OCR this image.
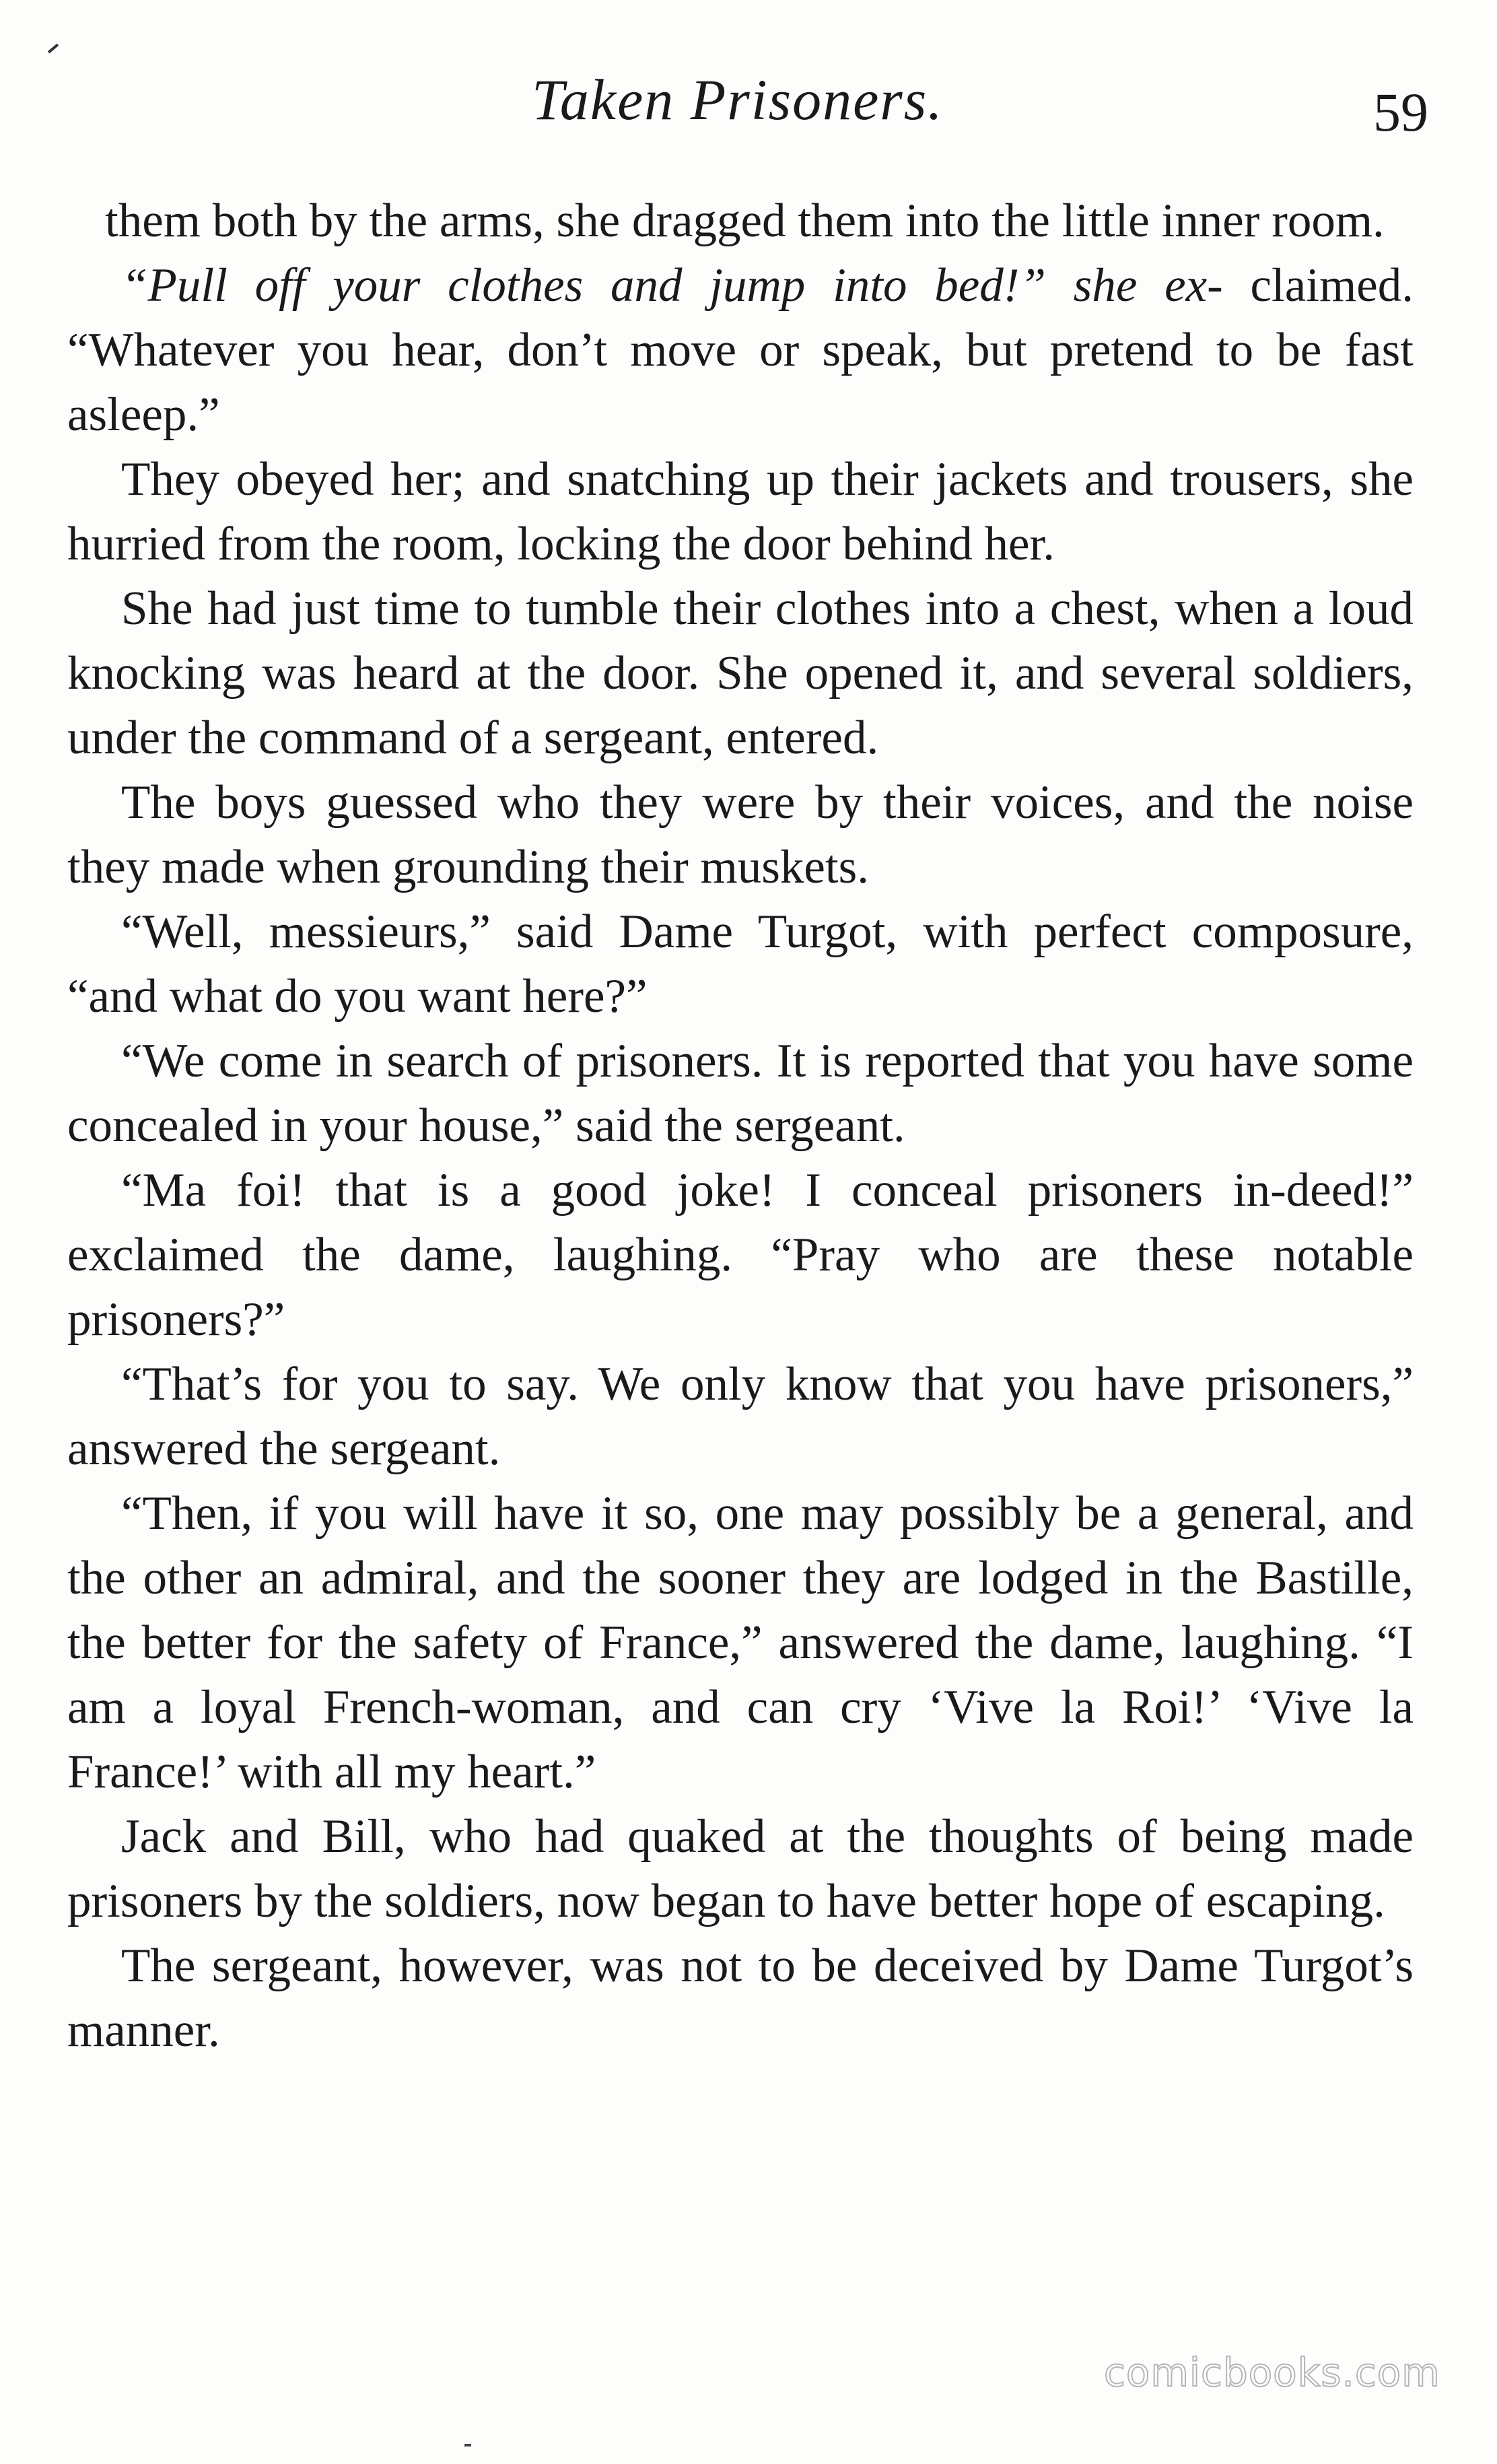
Taken Prisoners.	59

them both by the arms, she dragged them into the little inner room.

“Pull off your clothes and jump into bed!” she ex- claimed. “Whatever you hear, don’t move or speak, but pretend to be fast asleep.”

They obeyed her; and snatching up their jackets and trousers, she hurried from the room, locking the door behind her.

She had just time to tumble their clothes into a chest, when a loud knocking was heard at the door. She opened it, and several soldiers, under the command of a sergeant, entered.

The boys guessed who they were by their voices, and the noise they made when grounding their muskets.

“Well, messieurs,” said Dame Turgot, with perfect composure, “and what do you want here?”

“We come in search of prisoners. It is reported that you have some concealed in your house,” said the sergeant.

“Ma foi! that is a good joke! I conceal prisoners in-deed!” exclaimed the dame, laughing. “Pray who are these notable prisoners?”

“That’s for you to say. We only know that you have prisoners,” answered the sergeant.

“Then, if you will have it so, one may possibly be a general, and the other an admiral, and the sooner they are lodged in the Bastille, the better for the safety of France,” answered the dame, laughing. “I am a loyal French-woman, and can cry ‘Vive la Roi!’ ‘Vive la France!’ with all my heart.”

Jack and Bill, who had quaked at the thoughts of being made prisoners by the soldiers, now began to have better hope of escaping.

The sergeant, however, was not to be deceived by Dame Turgot’s manner.

comicbooks.com
